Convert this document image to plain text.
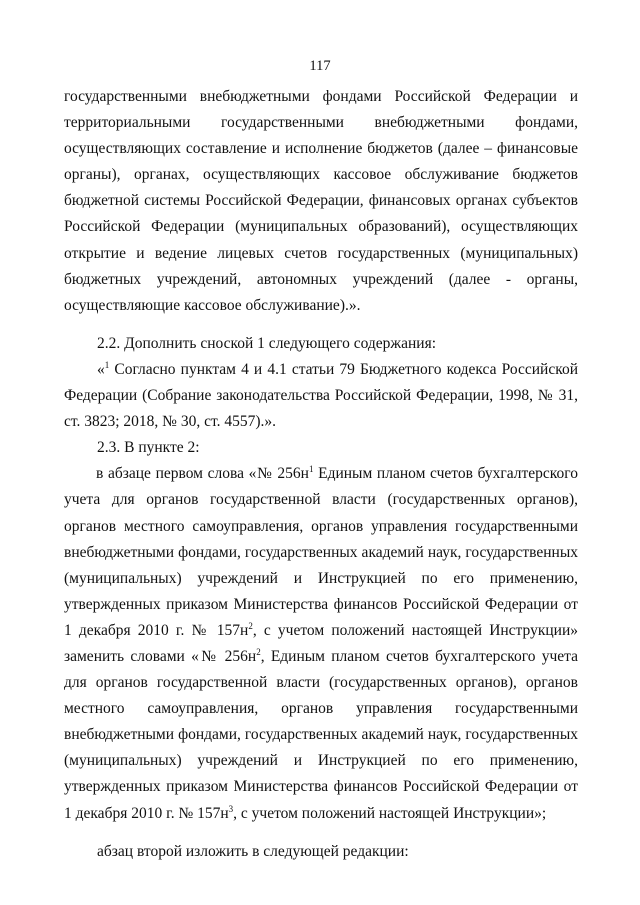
117

государственными внебюджетными фондами Российской Федерации и территориальными государственными внебюджетными фондами, осуществляющих составление и исполнение бюджетов (далее – финансовые органы), органах, осуществляющих кассовое обслуживание бюджетов бюджетной системы Российской Федерации, финансовых органах субъектов Российской Федерации (муниципальных образований), осуществляющих открытие и ведение лицевых счетов государственных (муниципальных) бюджетных учреждений, автономных учреждений (далее - органы, осуществляющие кассовое обслуживание).».

2.2. Дополнить сноской 1 следующего содержания:

«$^1$ Согласно пунктам 4 и 4.1 статьи 79 Бюджетного кодекса Российской Федерации (Собрание законодательства Российской Федерации, 1998, № 31, ст. 3823; 2018, № 30, ст. 4557).».

2.3. В пункте 2:

в абзаце первом слова «№ $256н^1$ Единым планом счетов бухгалтерского учета для органов государственной власти (государственных органов), органов местного самоуправления, органов управления государственными внебюджетными фондами, государственных академий наук, государственных (муниципальных) учреждений и Инструкцией по его применению, утвержденных приказом Министерства финансов Российской Федерации от 1 декабря 2010 г. № $157н^2$, с учетом положений настоящей Инструкции» заменить словами «№ $256н^2$, Единым планом счетов бухгалтерского учета для органов государственной власти (государственных органов), органов местного самоуправления, органов управления государственными внебюджетными фондами, государственных академий наук, государственных (муниципальных) учреждений и Инструкцией по его применению, утвержденных приказом Министерства финансов Российской Федерации от 1 декабря 2010 г. № $157н^3$, с учетом положений настоящей Инструкции»;

абзац второй изложить в следующей редакции:
